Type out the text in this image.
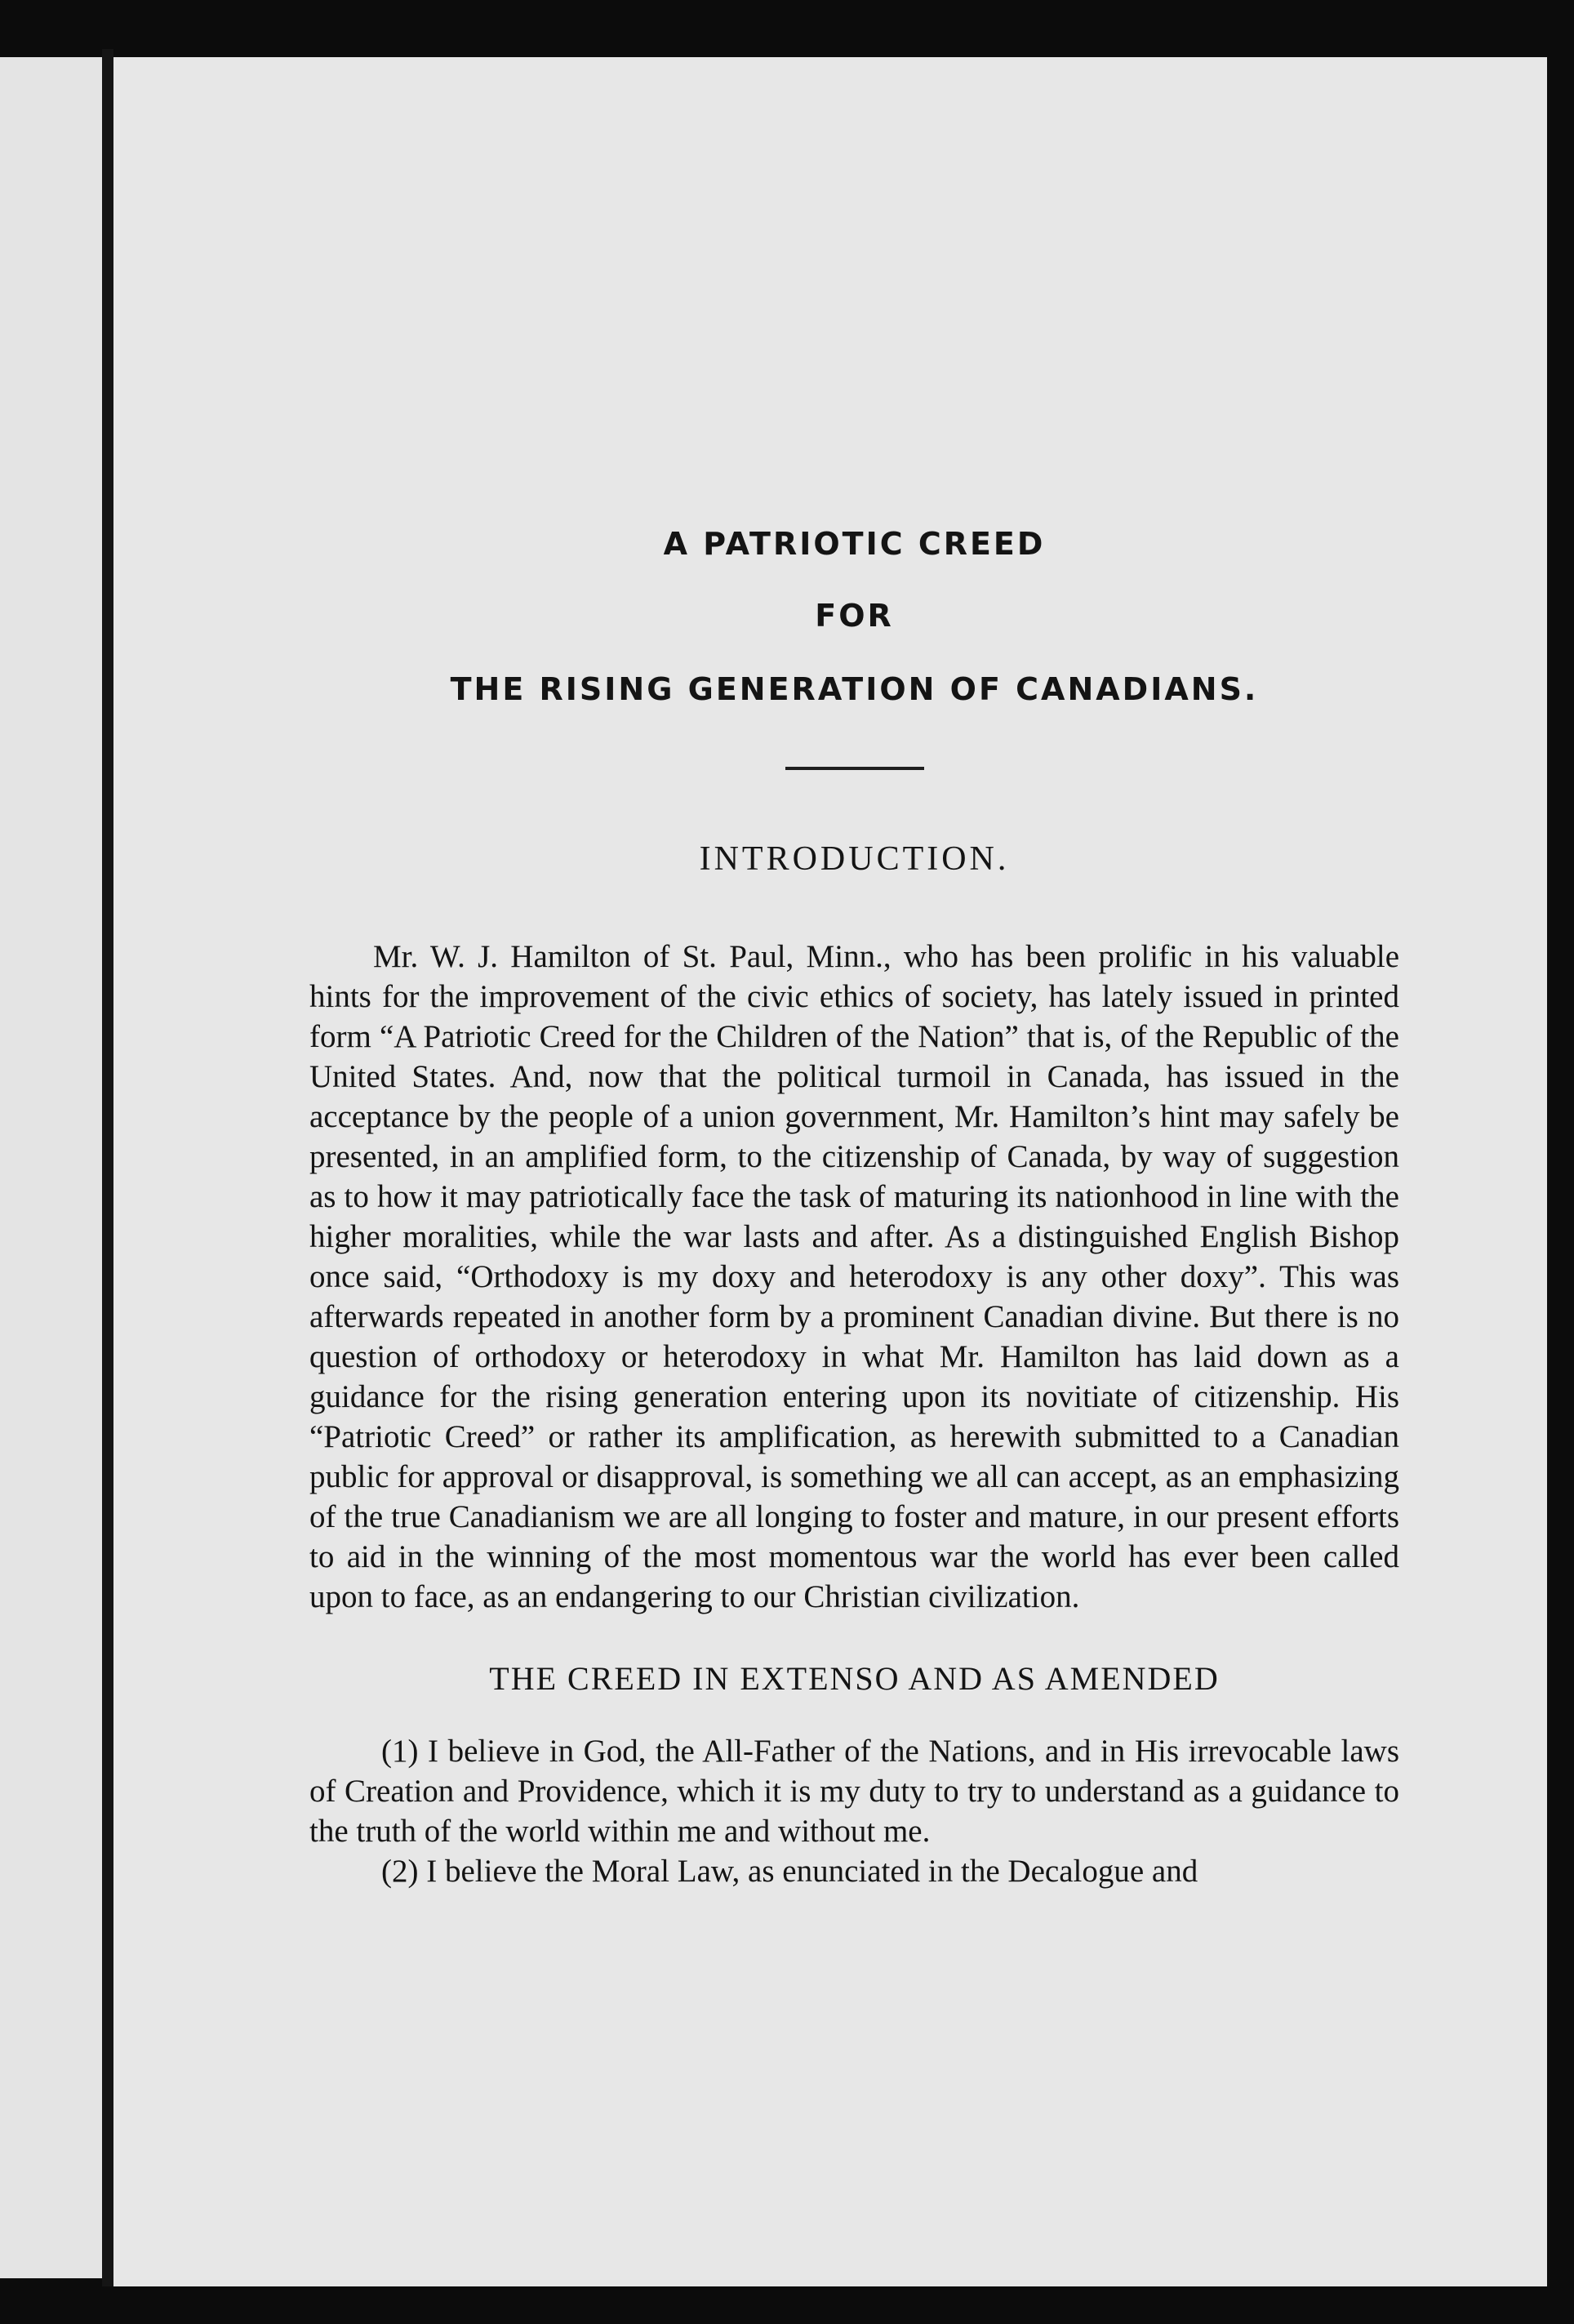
A PATRIOTIC CREED

FOR

THE RISING GENERATION OF CANADIANS.

INTRODUCTION.

Mr. W. J. Hamilton of St. Paul, Minn., who has been prolific in his valuable hints for the improvement of the civic ethics of society, has lately issued in printed form “A Patriotic Creed for the Children of the Nation” that is, of the Republic of the United States. And, now that the political turmoil in Canada, has issued in the acceptance by the people of a union government, Mr. Hamilton’s hint may safely be presented, in an amplified form, to the citizenship of Canada, by way of suggestion as to how it may patriotically face the task of maturing its nationhood in line with the higher moralities, while the war lasts and after. As a distinguished English Bishop once said, “Orthodoxy is my doxy and heterodoxy is any other doxy”. This was afterwards repeated in another form by a prominent Canadian divine. But there is no question of orthodoxy or heterodoxy in what Mr. Hamilton has laid down as a guidance for the rising generation entering upon its novitiate of citizenship. His “Patriotic Creed” or rather its amplification, as herewith submitted to a Canadian public for approval or disapproval, is something we all can accept, as an emphasizing of the true Canadianism we are all longing to foster and mature, in our present efforts to aid in the winning of the most momentous war the world has ever been called upon to face, as an endangering to our Christian civilization.

THE CREED IN EXTENSO AND AS AMENDED

(1) I believe in God, the All-Father of the Nations, and in His irrevocable laws of Creation and Providence, which it is my duty to try to understand as a guidance to the truth of the world within me and without me.

(2) I believe the Moral Law, as enunciated in the Decalogue and
